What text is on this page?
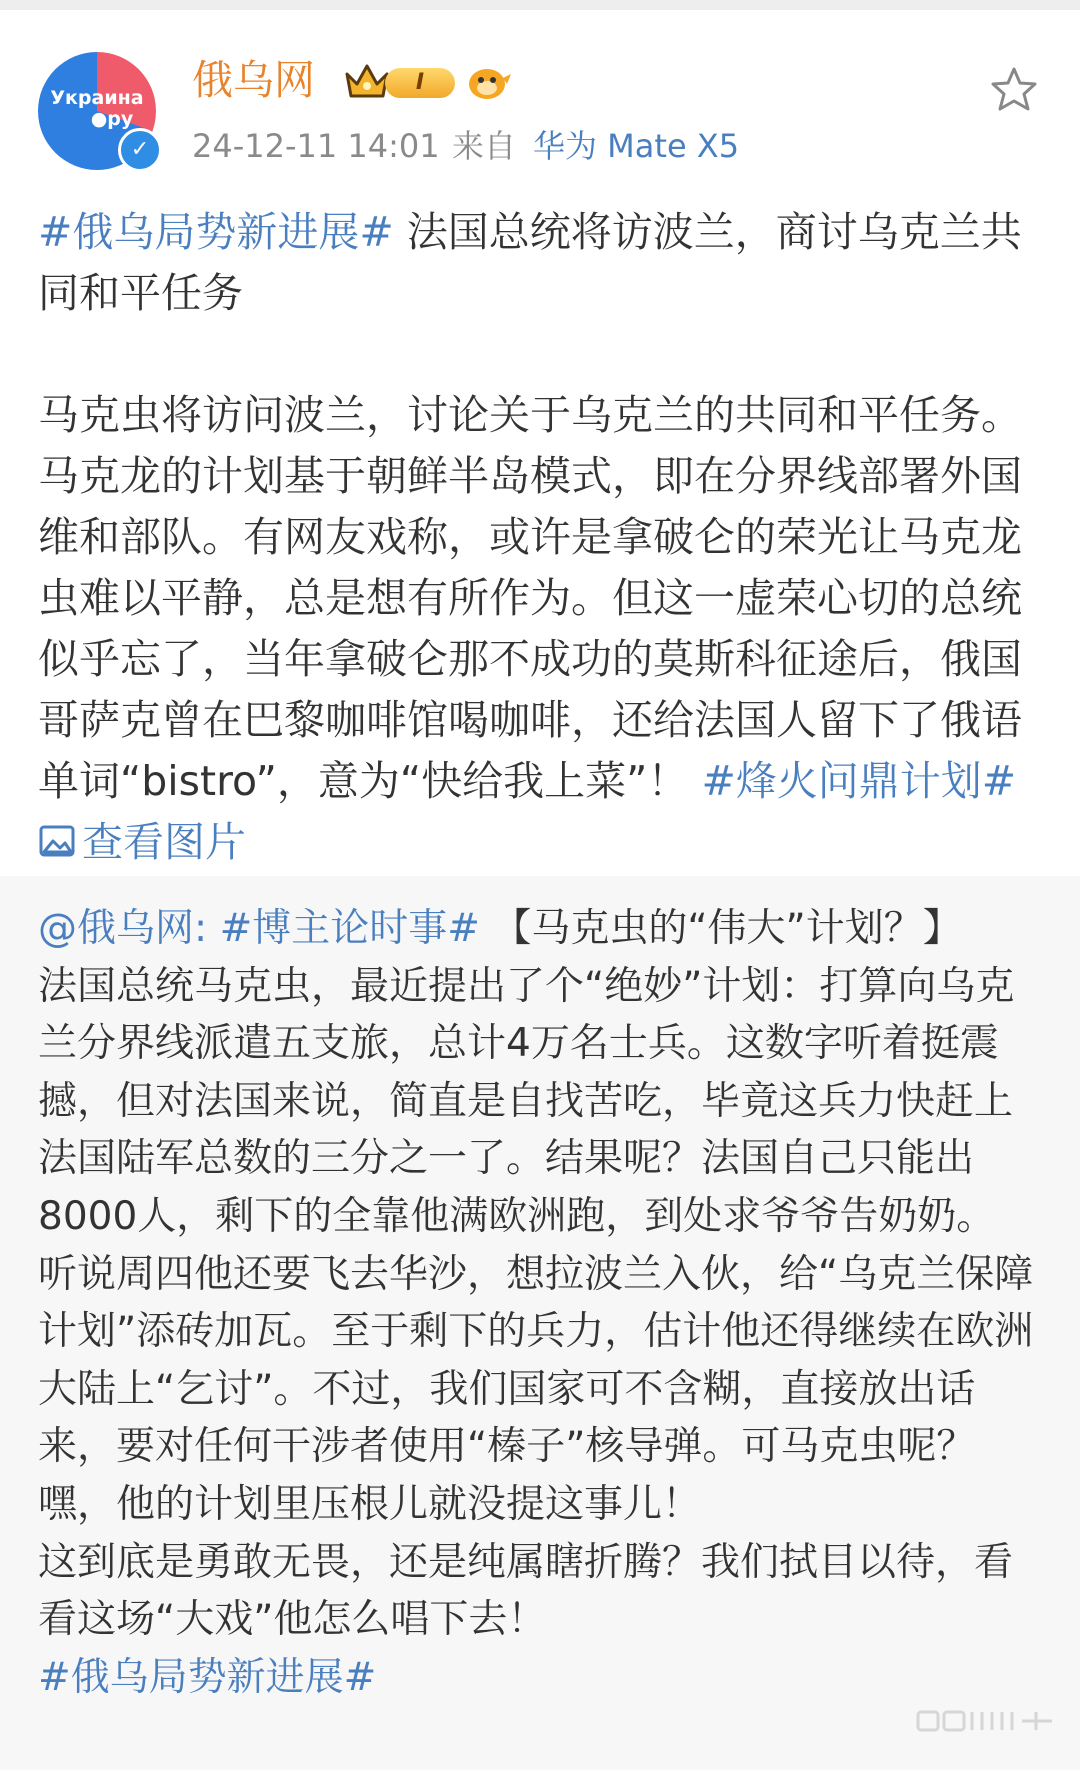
Украина
●ру
✓
俄乌网	I
24-12-11 14:01 来自 华为 Mate X5

#俄乌局势新进展# 法国总统将访波兰，商讨乌克兰共同和平任务

马克虫将访问波兰，讨论关于乌克兰的共同和平任务。马克龙的计划基于朝鲜半岛模式，即在分界线部署外国维和部队。有网友戏称，或许是拿破仑的荣光让马克龙虫难以平静，总是想有所作为。但这一虚荣心切的总统似乎忘了，当年拿破仑那不成功的莫斯科征途后，俄国哥萨克曾在巴黎咖啡馆喝咖啡，还给法国人留下了俄语单词“bistro”，意为“快给我上菜”！ #烽火问鼎计划# 查看图片

@俄乌网: #博主论时事# 【马克虫的“伟大”计划？】

法国总统马克虫，最近提出了个“绝妙”计划：打算向乌克兰分界线派遣五支旅，总计4万名士兵。这数字听着挺震撼，但对法国来说，简直是自找苦吃，毕竟这兵力快赶上法国陆军总数的三分之一了。结果呢？法国自己只能出8000人，剩下的全靠他满欧洲跑，到处求爷爷告奶奶。

听说周四他还要飞去华沙，想拉波兰入伙，给“乌克兰保障计划”添砖加瓦。至于剩下的兵力，估计他还得继续在欧洲大陆上“乞讨”。不过，我们国家可不含糊，直接放出话来，要对任何干涉者使用“榛子”核导弹。可马克虫呢？嘿，他的计划里压根儿就没提这事儿！

这到底是勇敢无畏，还是纯属瞎折腾？我们拭目以待，看看这场“大戏”他怎么唱下去！

#俄乌局势新进展#
